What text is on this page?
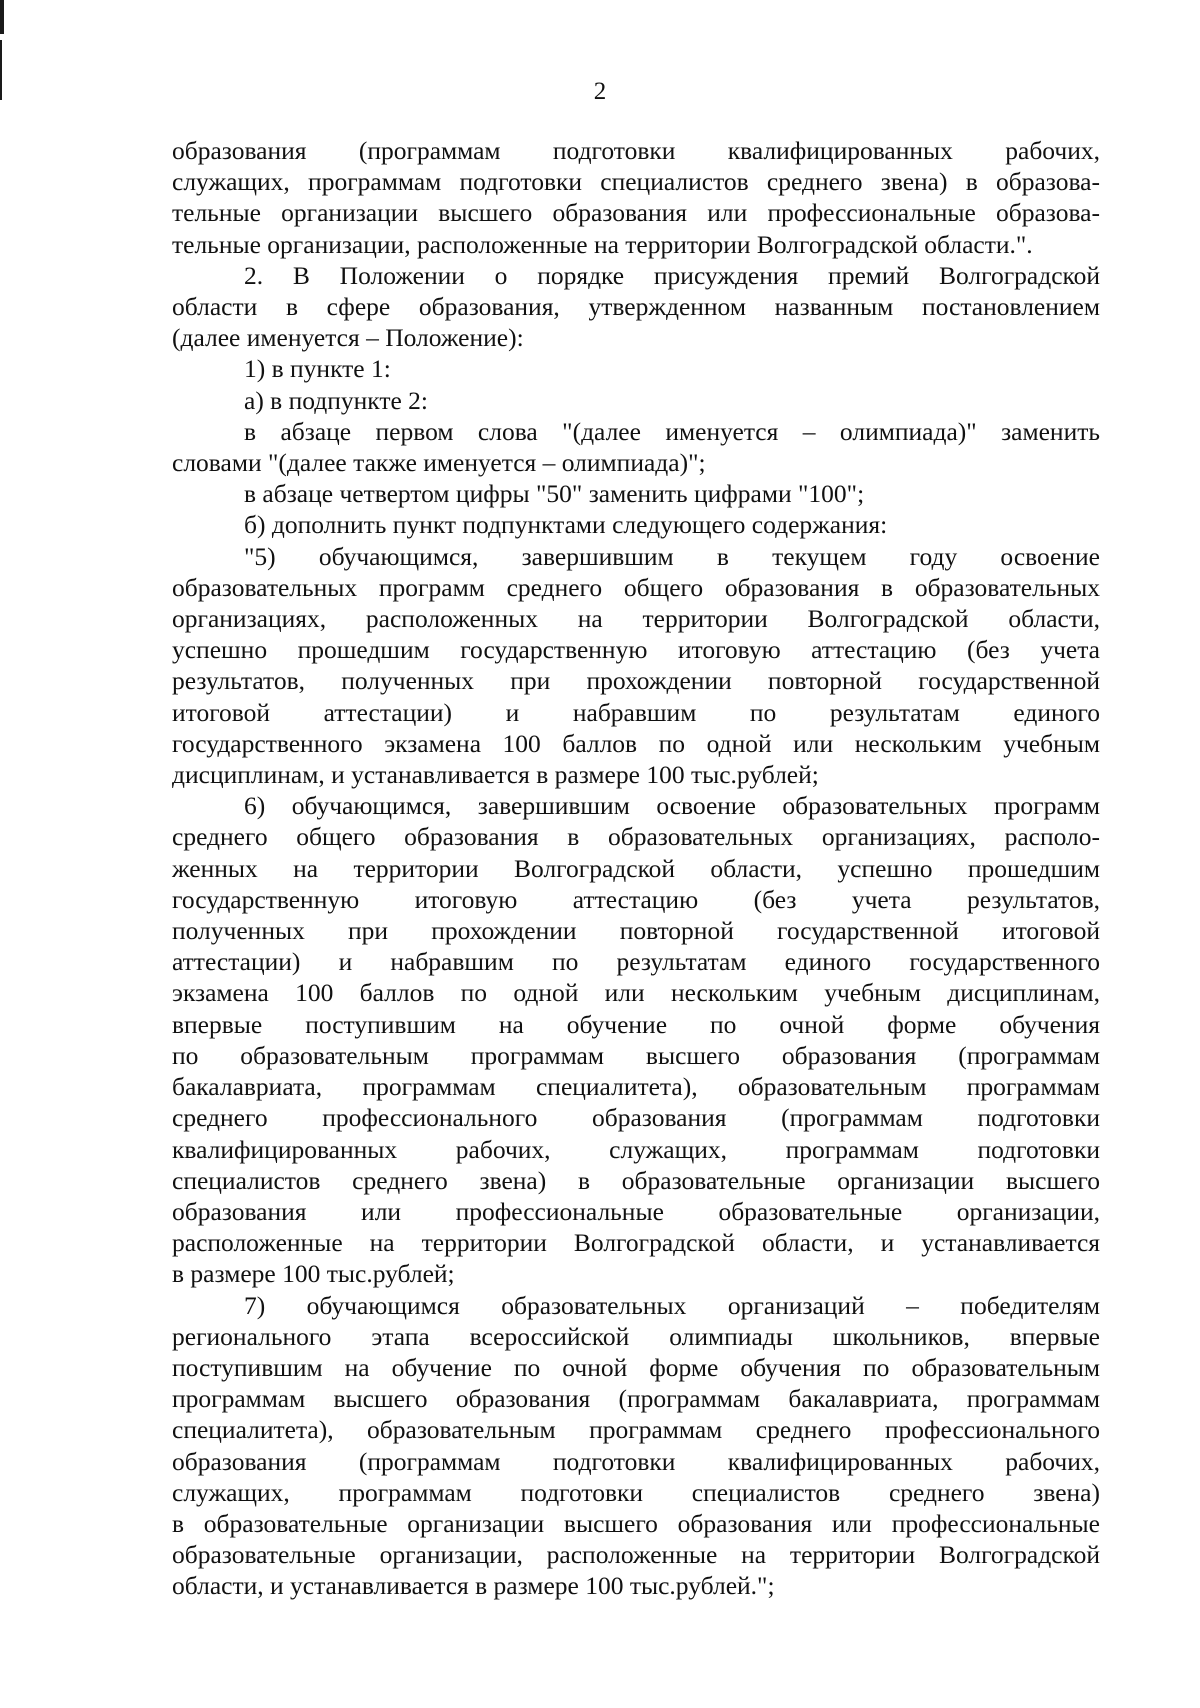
2
образования (программам подготовки квалифицированных рабочих,
служащих, программам подготовки специалистов среднего звена) в образова-
тельные организации высшего образования или профессиональные образова-
тельные организации, расположенные на территории Волгоградской области.".
2. В Положении о порядке присуждения премий Волгоградской
области в сфере образования, утвержденном названным постановлением
(далее именуется – Положение):
1) в пункте 1:
а) в подпункте 2:
в абзаце первом слова "(далее именуется – олимпиада)" заменить
словами "(далее также именуется – олимпиада)";
в абзаце четвертом цифры "50" заменить цифрами "100";
б) дополнить пункт подпунктами следующего содержания:
"5) обучающимся, завершившим в текущем году освоение
образовательных программ среднего общего образования в образовательных
организациях, расположенных на территории Волгоградской области,
успешно прошедшим государственную итоговую аттестацию (без учета
результатов, полученных при прохождении повторной государственной
итоговой аттестации) и набравшим по результатам единого
государственного экзамена 100 баллов по одной или нескольким учебным
дисциплинам, и устанавливается в размере 100 тыс.рублей;
6) обучающимся, завершившим освоение образовательных программ
среднего общего образования в образовательных организациях, располо-
женных на территории Волгоградской области, успешно прошедшим
государственную итоговую аттестацию (без учета результатов,
полученных при прохождении повторной государственной итоговой
аттестации) и набравшим по результатам единого государственного
экзамена 100 баллов по одной или нескольким учебным дисциплинам,
впервые поступившим на обучение по очной форме обучения
по образовательным программам высшего образования (программам
бакалавриата, программам специалитета), образовательным программам
среднего профессионального образования (программам подготовки
квалифицированных рабочих, служащих, программам подготовки
специалистов среднего звена) в образовательные организации высшего
образования или профессиональные образовательные организации,
расположенные на территории Волгоградской области, и устанавливается
в размере 100 тыс.рублей;
7) обучающимся образовательных организаций – победителям
регионального этапа всероссийской олимпиады школьников, впервые
поступившим на обучение по очной форме обучения по образовательным
программам высшего образования (программам бакалавриата, программам
специалитета), образовательным программам среднего профессионального
образования (программам подготовки квалифицированных рабочих,
служащих, программам подготовки специалистов среднего звена)
в образовательные организации высшего образования или профессиональные
образовательные организации, расположенные на территории Волгоградской
области, и устанавливается в размере 100 тыс.рублей.";
